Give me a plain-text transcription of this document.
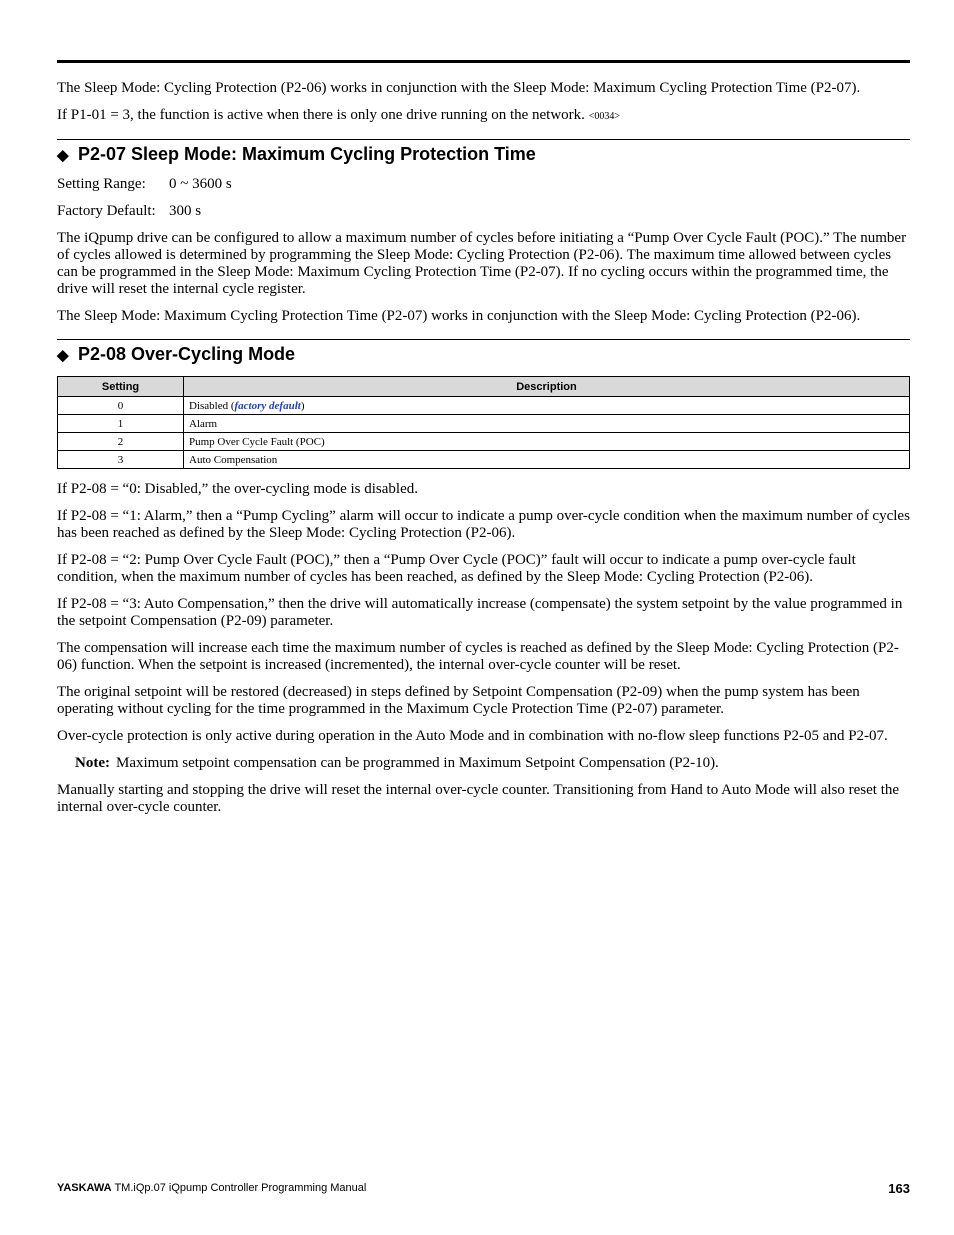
The Sleep Mode: Cycling Protection (P2-06) works in conjunction with the Sleep Mode: Maximum Cycling Protection Time (P2-07).

If P1-01 = 3, the function is active when there is only one drive running on the network. <0034>

◆ P2-07 Sleep Mode: Maximum Cycling Protection Time

Setting Range:	0 ~ 3600 s

Factory Default: 300 s

The iQpump drive can be configured to allow a maximum number of cycles before initiating a “Pump Over Cycle Fault (POC).” The number of cycles allowed is determined by programming the Sleep Mode: Cycling Protection (P2-06). The maximum time allowed between cycles can be programmed in the Sleep Mode: Maximum Cycling Protection Time (P2-07). If no cycling occurs within the programmed time, the drive will reset the internal cycle register.

The Sleep Mode: Maximum Cycling Protection Time (P2-07) works in conjunction with the Sleep Mode: Cycling Protection (P2-06).

◆ P2-08 Over-Cycling Mode
Setting	Description
0	Disabled (factory default)
1	Alarm
2	Pump Over Cycle Fault (POC)
3	Auto Compensation

If P2-08 = “0: Disabled,” the over-cycling mode is disabled.

If P2-08 = “1: Alarm,” then a “Pump Cycling” alarm will occur to indicate a pump over-cycle condition when the maximum number of cycles has been reached as defined by the Sleep Mode: Cycling Protection (P2-06).

If P2-08 = “2: Pump Over Cycle Fault (POC),” then a “Pump Over Cycle (POC)” fault will occur to indicate a pump over-cycle fault condition, when the maximum number of cycles has been reached, as defined by the Sleep Mode: Cycling Protection (P2-06).

If P2-08 = “3: Auto Compensation,” then the drive will automatically increase (compensate) the system setpoint by the value programmed in the setpoint Compensation (P2-09) parameter.

The compensation will increase each time the maximum number of cycles is reached as defined by the Sleep Mode: Cycling Protection (P2-06) function. When the setpoint is increased (incremented), the internal over-cycle counter will be reset.

The original setpoint will be restored (decreased) in steps defined by Setpoint Compensation (P2-09) when the pump system has been operating without cycling for the time programmed in the Maximum Cycle Protection Time (P2-07) parameter.

Over-cycle protection is only active during operation in the Auto Mode and in combination with no-flow sleep functions P2-05 and P2-07.

Note: Maximum setpoint compensation can be programmed in Maximum Setpoint Compensation (P2-10).

Manually starting and stopping the drive will reset the internal over-cycle counter. Transitioning from Hand to Auto Mode will also reset the internal over-cycle counter.

YASKAWA TM.iQp.07 iQpump Controller Programming Manual	163
